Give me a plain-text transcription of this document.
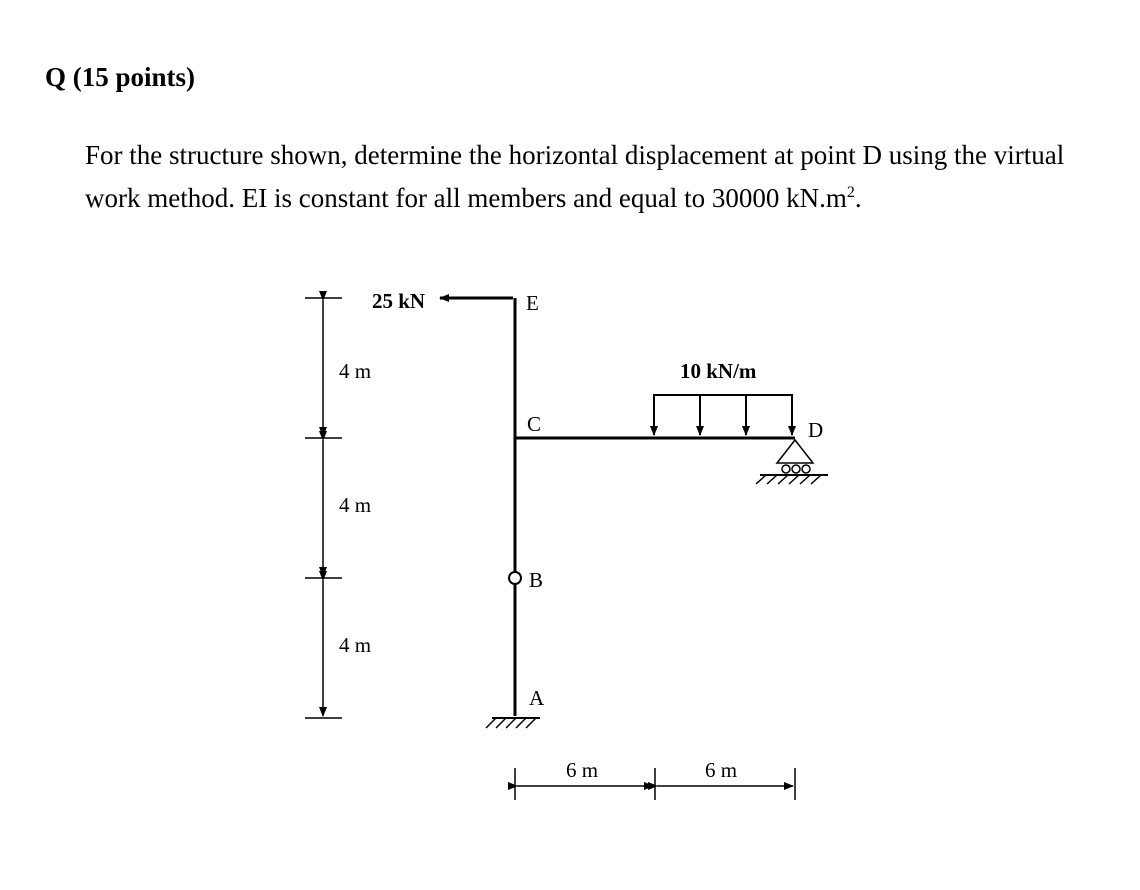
Q (15 points)

For the structure shown, determine the horizontal displacement at point D using the virtual work method. EI is constant for all members and equal to 30000 $kN.m^2$.

4 m
4 m
4 m
25 kN
10 kN/m
E
C	D
B
A
6 m	6 m
